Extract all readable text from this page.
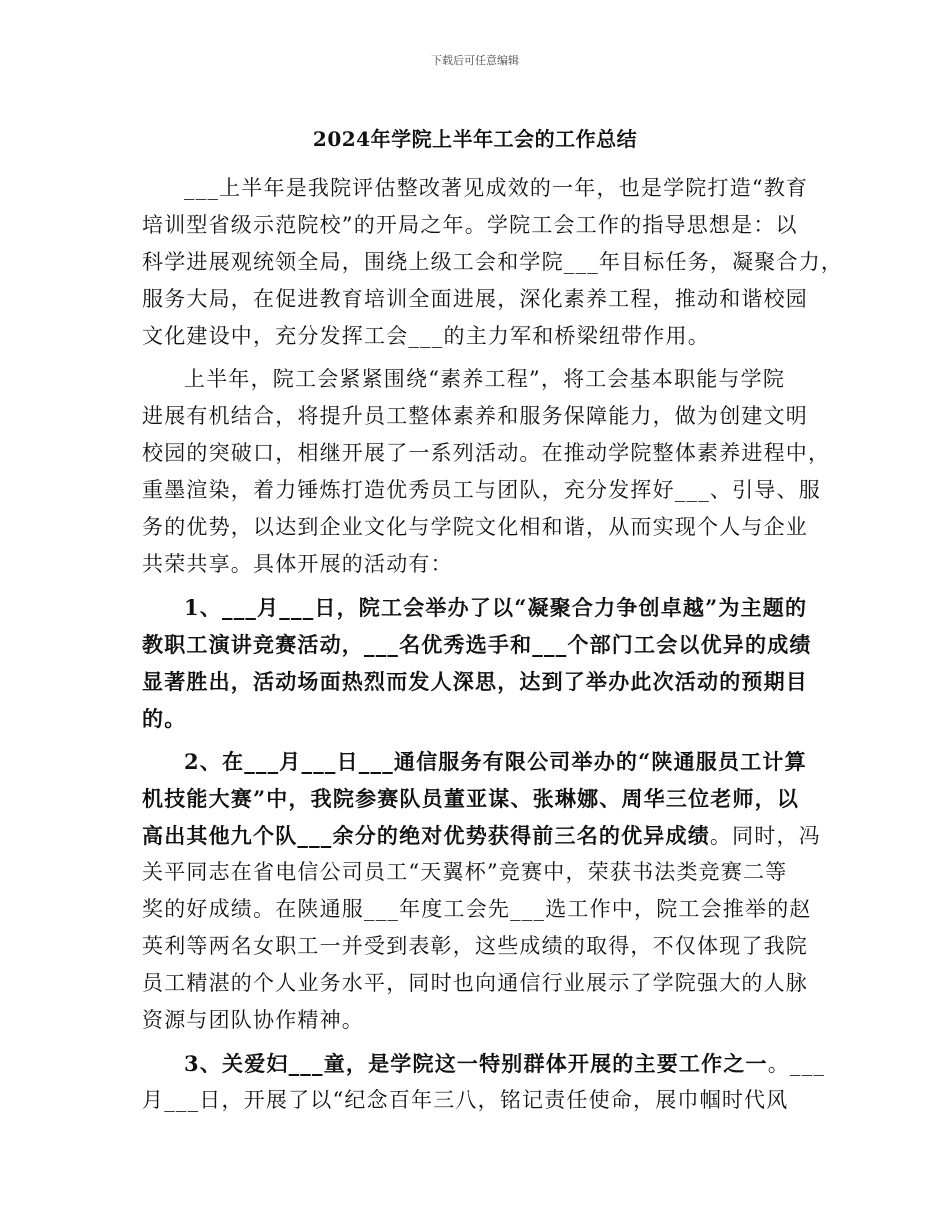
下载后可任意编辑
2024年学院上半年工会的工作总结
___上半年是我院评估整改著见成效的一年，也是学院打造“教育
培训型省级示范院校”的开局之年。学院工会工作的指导思想是：以
科学进展观统领全局，围绕上级工会和学院___年目标任务，凝聚合力，
服务大局，在促进教育培训全面进展，深化素养工程，推动和谐校园
文化建设中，充分发挥工会___的主力军和桥梁纽带作用。
上半年，院工会紧紧围绕“素养工程”，将工会基本职能与学院
进展有机结合，将提升员工整体素养和服务保障能力，做为创建文明
校园的突破口，相继开展了一系列活动。在推动学院整体素养进程中，
重墨渲染，着力锤炼打造优秀员工与团队，充分发挥好___、引导、服
务的优势，以达到企业文化与学院文化相和谐，从而实现个人与企业
共荣共享。具体开展的活动有：
1、___月___日，院工会举办了以“凝聚合力争创卓越”为主题的
教职工演讲竞赛活动，___名优秀选手和___个部门工会以优异的成绩
显著胜出，活动场面热烈而发人深思，达到了举办此次活动的预期目
的。
2、在___月___日___通信服务有限公司举办的“陕通服员工计算
机技能大赛”中，我院参赛队员董亚谋、张琳娜、周华三位老师，以
高出其他九个队___余分的绝对优势获得前三名的优异成绩。同时，冯
关平同志在省电信公司员工“天翼杯”竞赛中，荣获书法类竞赛二等
奖的好成绩。在陕通服___年度工会先___选工作中，院工会推举的赵
英利等两名女职工一并受到表彰，这些成绩的取得，不仅体现了我院
员工精湛的个人业务水平，同时也向通信行业展示了学院强大的人脉
资源与团队协作精神。
3、关爱妇___童，是学院这一特别群体开展的主要工作之一。___
月___日，开展了以“纪念百年三八，铭记责任使命，展巾帼时代风
